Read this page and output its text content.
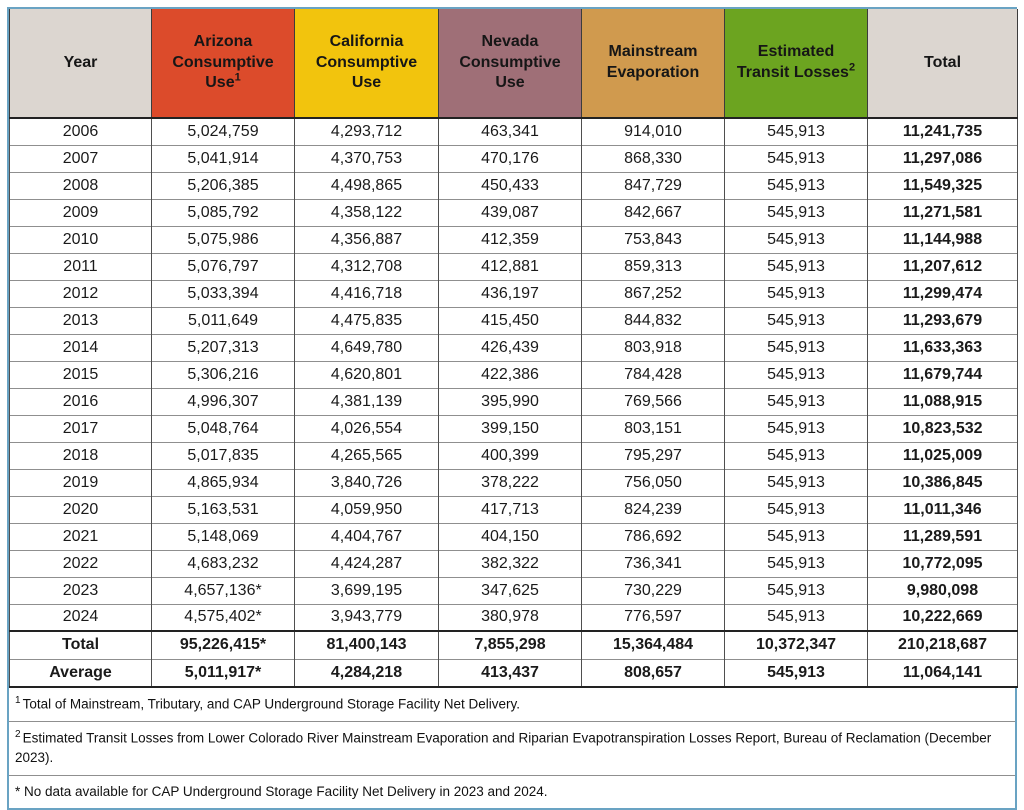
Year	Arizona Consumptive Use$^1$	California Consumptive Use	Nevada Consumptive Use	Mainstream Evaporation	Estimated Transit Losses$^2$	Total
2006	5,024,759	4,293,712	463,341	914,010	545,913	11,241,735
2007	5,041,914	4,370,753	470,176	868,330	545,913	11,297,086
2008	5,206,385	4,498,865	450,433	847,729	545,913	11,549,325
2009	5,085,792	4,358,122	439,087	842,667	545,913	11,271,581
2010	5,075,986	4,356,887	412,359	753,843	545,913	11,144,988
2011	5,076,797	4,312,708	412,881	859,313	545,913	11,207,612
2012	5,033,394	4,416,718	436,197	867,252	545,913	11,299,474
2013	5,011,649	4,475,835	415,450	844,832	545,913	11,293,679
2014	5,207,313	4,649,780	426,439	803,918	545,913	11,633,363
2015	5,306,216	4,620,801	422,386	784,428	545,913	11,679,744
2016	4,996,307	4,381,139	395,990	769,566	545,913	11,088,915
2017	5,048,764	4,026,554	399,150	803,151	545,913	10,823,532
2018	5,017,835	4,265,565	400,399	795,297	545,913	11,025,009
2019	4,865,934	3,840,726	378,222	756,050	545,913	10,386,845
2020	5,163,531	4,059,950	417,713	824,239	545,913	11,011,346
2021	5,148,069	4,404,767	404,150	786,692	545,913	11,289,591
2022	4,683,232	4,424,287	382,322	736,341	545,913	10,772,095
2023	4,657,136*	3,699,195	347,625	730,229	545,913	9,980,098
2024	4,575,402*	3,943,779	380,978	776,597	545,913	10,222,669
Total	95,226,415*	81,400,143	7,855,298	15,364,484	10,372,347	210,218,687
Average	5,011,917*	4,284,218	413,437	808,657	545,913	11,064,141
$^1$ Total of Mainstream, Tributary, and CAP Underground Storage Facility Net Delivery.
$^2$ Estimated Transit Losses from Lower Colorado River Mainstream Evaporation and Riparian Evapotranspiration Losses Report, Bureau of Reclamation (December 2023).
* No data available for CAP Underground Storage Facility Net Delivery in 2023 and 2024.
